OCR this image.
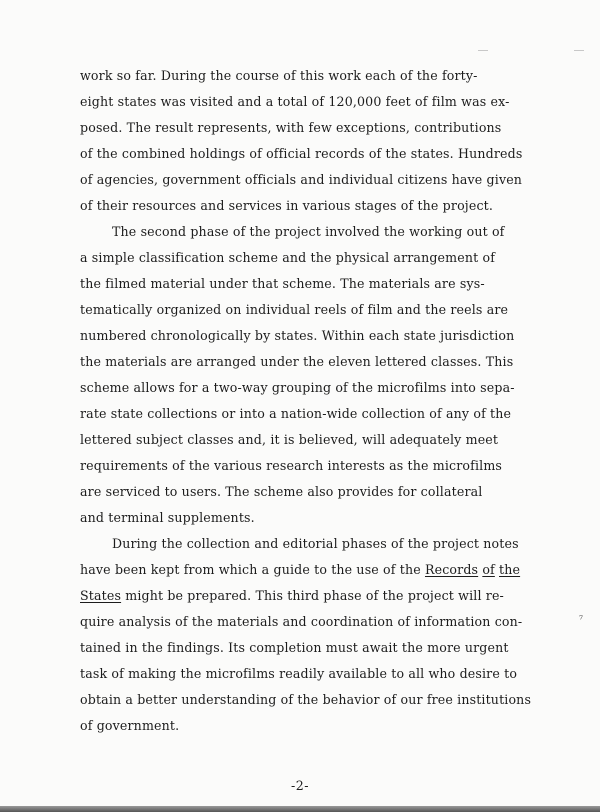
work so far. During the course of this work each of the forty-
eight states was visited and a total of 120,000 feet of film was ex-
posed. The result represents, with few exceptions, contributions
of the combined holdings of official records of the states. Hundreds
of agencies, government officials and individual citizens have given
of their resources and services in various stages of the project.
The second phase of the project involved the working out of
a simple classification scheme and the physical arrangement of
the filmed material under that scheme. The materials are sys-
tematically organized on individual reels of film and the reels are
numbered chronologically by states. Within each state jurisdiction
the materials are arranged under the eleven lettered classes. This
scheme allows for a two-way grouping of the microfilms into sepa-
rate state collections or into a nation-wide collection of any of the
lettered subject classes and, it is believed, will adequately meet
requirements of the various research interests as the microfilms
are serviced to users. The scheme also provides for collateral
and terminal supplements.
During the collection and editorial phases of the project notes
have been kept from which a guide to the use of the Records of the
States might be prepared. This third phase of the project will re-
quire analysis of the materials and coordination of information con-
tained in the findings. Its completion must await the more urgent
task of making the microfilms readily available to all who desire to
obtain a better understanding of the behavior of our free institutions
of government.
-2-
⁷
